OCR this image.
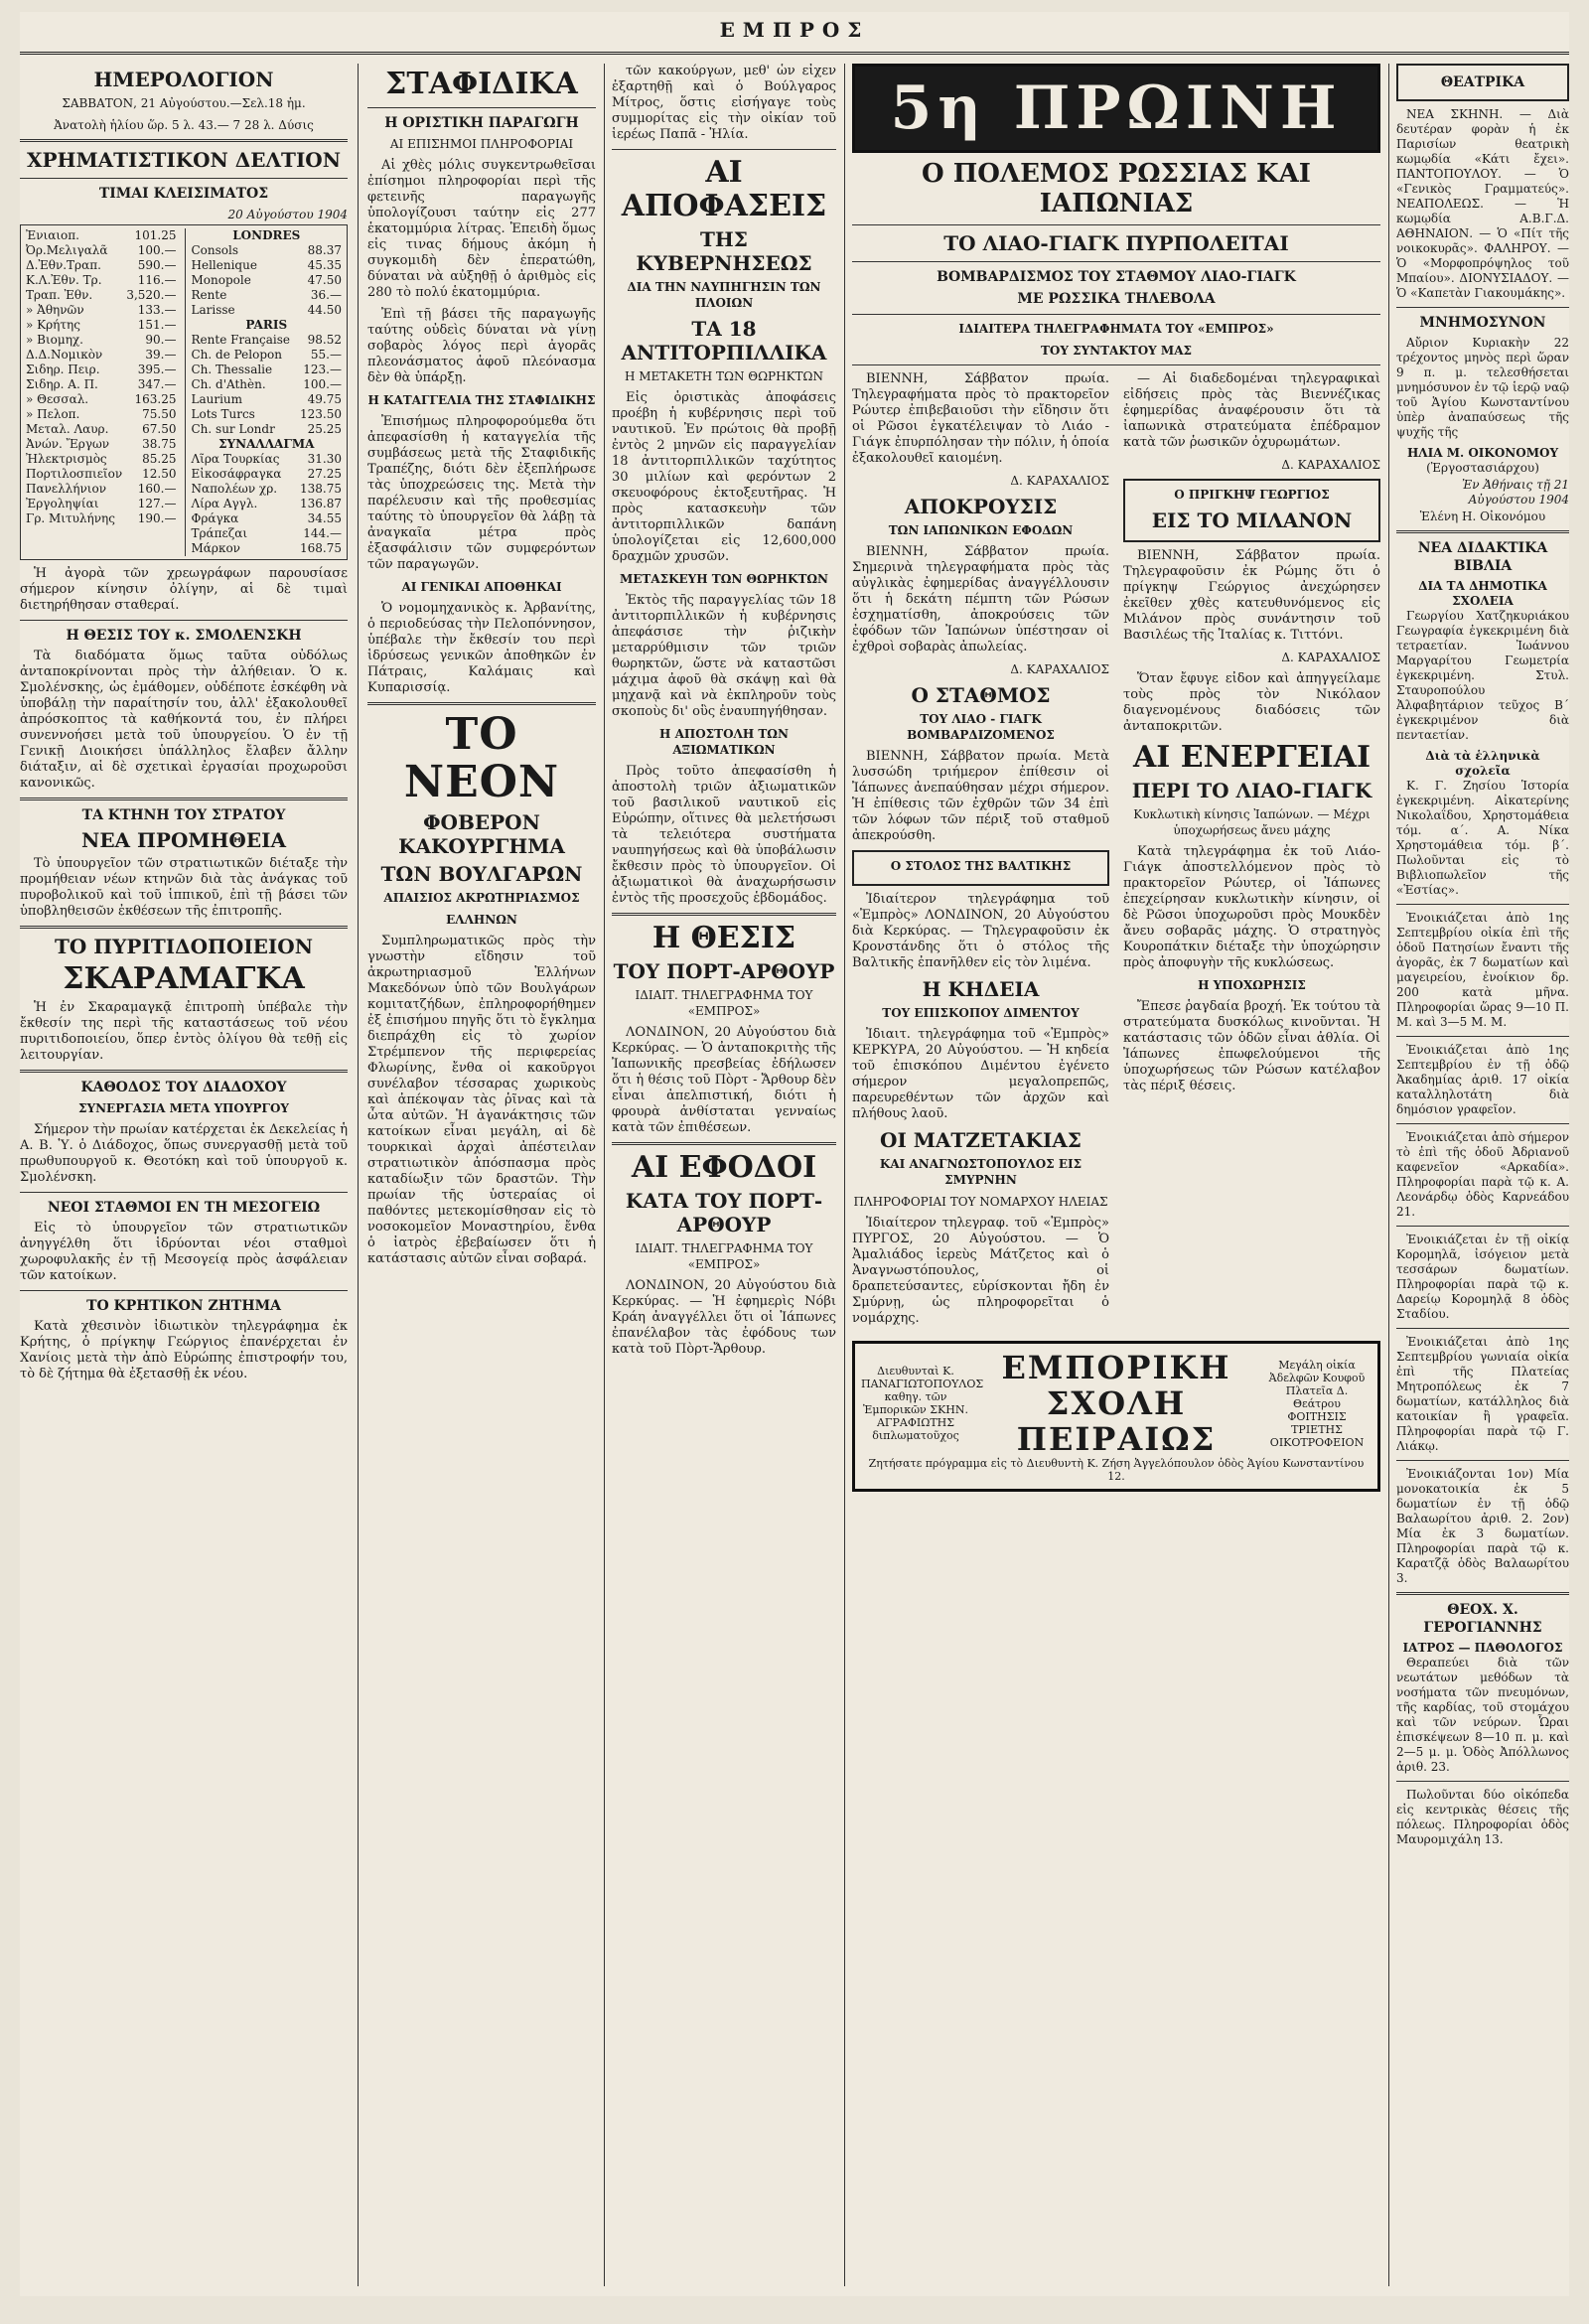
ΕΜΠΡΟΣ
ΗΜΕΡΟΛΟΓΙΟΝ
ΣΑΒΒΑΤΟΝ, 21 Αὐγούστου.—Σελ.18 ἡμ.
Ἀνατολὴ ἡλίου ὥρ. 5 λ. 43.— 7 28 λ. Δύσις
ΧΡΗΜΑΤΙΣΤΙΚΟΝ ΔΕΛΤΙΟΝ
ΤΙΜΑΙ ΚΛΕΙΣΙΜΑΤΟΣ
20 Αὐγούστου 1904
Ἐνιαιοπ.	101.25
Ὀρ.Μελιγαλᾶ	100.—
Δ.Ἐθν.Τραπ.	590.—
Κ.Λ.Ἐθν. Τρ.	116.—
Τραπ. Ἐθν.	3,520.—
» Ἀθηνῶν	133.—
» Κρήτης	151.—
» Βιομηχ.	90.—
Δ.Δ.Νομικὸν	39.—
Σιδηρ. Πειρ.	395.—
Σιδηρ. Α. Π.	347.—
» Θεσσαλ.	163.25
» Πελοπ.	75.50
Μεταλ. Λαυρ.	67.50
Ἀνών. Ἔργων	38.75
Ἠλεκτρισμὸς	85.25
Πορτιλοσπιεῖον	12.50
Πανελλήνιον	160.—
Ἐργοληψίαι	127.—
Γρ. Μιτυλήνης	190.—
LONDRES	
Consols	88.37
Hellenique	45.35
Monopole	47.50
Rente	36.—
Larisse	44.50
PARIS	
Rente Française	98.52
Ch. de Pelopon	55.—
Ch. Thessalie	123.—
Ch. d'Athèn.	100.—
Laurium	49.75
Lots Turcs	123.50
Ch. sur Londr	25.25
ΣΥΝΑΛΛΑΓΜΑ	
Λῖρα Τουρκίας	31.30
Εἰκοσάφραγκα	27.25
Ναπολέων χρ.	138.75
Λίρα Αγγλ.	136.87
Φράγκα	34.55
Τράπεζαι	144.—
Μάρκον	168.75

Ἡ ἀγορὰ τῶν χρεωγράφων παρουσίασε σήμερον κίνησιν ὀλίγην, αἱ δὲ τιμαὶ διετηρήθησαν σταθεραί.

Η ΘΕΣΙΣ ΤΟΥ κ. ΣΜΟΛΕΝΣΚΗ

Τὰ διαδόματα ὅμως ταῦτα οὐδόλως ἀνταποκρίνονται πρὸς τὴν ἀλήθειαν. Ὁ κ. Σμολένσκης, ὡς ἐμάθομεν, οὐδέποτε ἐσκέφθη νὰ ὑποβάλῃ τὴν παραίτησίν του, ἀλλ' ἐξακολουθεῖ ἀπρόσκοπτος τὰ καθήκοντά του, ἐν πλήρει συνεννοήσει μετὰ τοῦ ὑπουργείου. Ὁ ἐν τῇ Γενικῇ Διοικήσει ὑπάλληλος ἔλαβεν ἄλλην διάταξιν, αἱ δὲ σχετικαὶ ἐργασίαι προχωροῦσι κανονικῶς.

ΤΑ ΚΤΗΝΗ ΤΟΥ ΣΤΡΑΤΟΥ
ΝΕΑ ΠΡΟΜΗΘΕΙΑ

Τὸ ὑπουργεῖον τῶν στρατιωτικῶν διέταξε τὴν προμήθειαν νέων κτηνῶν διὰ τὰς ἀνάγκας τοῦ πυροβολικοῦ καὶ τοῦ ἱππικοῦ, ἐπὶ τῇ βάσει τῶν ὑποβληθεισῶν ἐκθέσεων τῆς ἐπιτροπῆς.

ΤΟ ΠΥΡΙΤΙΔΟΠΟΙΕΙΟΝ
ΣΚΑΡΑΜΑΓΚΑ

Ἡ ἐν Σκαραμαγκᾷ ἐπιτροπὴ ὑπέβαλε τὴν ἔκθεσίν της περὶ τῆς καταστάσεως τοῦ νέου πυριτιδοποιείου, ὅπερ ἐντὸς ὀλίγου θὰ τεθῇ εἰς λειτουργίαν.

ΚΑΘΟΔΟΣ ΤΟΥ ΔΙΑΔΟΧΟΥ
ΣΥΝΕΡΓΑΣΙΑ ΜΕΤΑ ΥΠΟΥΡΓΟΥ

Σήμερον τὴν πρωίαν κατέρχεται ἐκ Δεκελείας ἡ Α. Β. Ὑ. ὁ Διάδοχος, ὅπως συνεργασθῇ μετὰ τοῦ πρωθυπουργοῦ κ. Θεοτόκη καὶ τοῦ ὑπουργοῦ κ. Σμολένσκη.

ΝΕΟΙ ΣΤΑΘΜΟΙ ΕΝ ΤΗ ΜΕΣΟΓΕΙΩ

Εἰς τὸ ὑπουργεῖον τῶν στρατιωτικῶν ἀνηγγέλθη ὅτι ἱδρύονται νέοι σταθμοὶ χωροφυλακῆς ἐν τῇ Μεσογείᾳ πρὸς ἀσφάλειαν τῶν κατοίκων.

ΤΟ ΚΡΗΤΙΚΟΝ ΖΗΤΗΜΑ

Κατὰ χθεσινὸν ἰδιωτικὸν τηλεγράφημα ἐκ Κρήτης, ὁ πρίγκηψ Γεώργιος ἐπανέρχεται ἐν Χανίοις μετὰ τὴν ἀπὸ Εὐρώπης ἐπιστροφήν του, τὸ δὲ ζήτημα θὰ ἐξετασθῇ ἐκ νέου.

ΣΤΑΦΙΔΙΚΑ
Η ΟΡΙΣΤΙΚΗ ΠΑΡΑΓΩΓΗ
ΑΙ ΕΠΙΣΗΜΟΙ ΠΛΗΡΟΦΟΡΙΑΙ

Αἱ χθὲς μόλις συγκεντρωθεῖσαι ἐπίσημοι πληροφορίαι περὶ τῆς φετεινῆς παραγωγῆς ὑπολογίζουσι ταύτην εἰς 277 ἑκατομμύρια λίτρας. Ἐπειδὴ ὅμως εἰς τινας δήμους ἀκόμη ἡ συγκομιδὴ δὲν ἐπερατώθη, δύναται νὰ αὐξηθῇ ὁ ἀριθμὸς εἰς 280 τὸ πολύ ἑκατομμύρια.

Ἐπὶ τῇ βάσει τῆς παραγωγῆς ταύτης οὐδεὶς δύναται νὰ γίνῃ σοβαρὸς λόγος περὶ ἀγορᾶς πλεονάσματος ἀφοῦ πλεόνασμα δὲν θὰ ὑπάρξῃ.

Η ΚΑΤΑΓΓΕΛΙΑ ΤΗΣ ΣΤΑΦΙΔΙΚΗΣ

Ἐπισήμως πληροφορούμεθα ὅτι ἀπεφασίσθη ἡ καταγγελία τῆς συμβάσεως μετὰ τῆς Σταφιδικῆς Τραπέζης, διότι δὲν ἐξεπλήρωσε τὰς ὑποχρεώσεις της. Μετὰ τὴν παρέλευσιν καὶ τῆς προθεσμίας ταύτης τὸ ὑπουργεῖον θὰ λάβῃ τὰ ἀναγκαῖα μέτρα πρὸς ἐξασφάλισιν τῶν συμφερόντων τῶν παραγωγῶν.

ΑΙ ΓΕΝΙΚΑΙ ΑΠΟΘΗΚΑΙ

Ὁ νομομηχανικὸς κ. Ἀρβανίτης, ὁ περιοδεύσας τὴν Πελοπόννησον, ὑπέβαλε τὴν ἔκθεσίν του περὶ ἱδρύσεως γενικῶν ἀποθηκῶν ἐν Πάτραις, Καλάμαις καὶ Κυπαρισσίᾳ.

ΤΟ ΝΕΟΝ
ΦΟΒΕΡΟΝ ΚΑΚΟΥΡΓΗΜΑ
ΤΩΝ ΒΟΥΛΓΑΡΩΝ
ΑΠΑΙΣΙΟΣ ΑΚΡΩΤΗΡΙΑΣΜΟΣ
ΕΛΛΗΝΩΝ

Συμπληρωματικῶς πρὸς τὴν γνωστὴν εἴδησιν τοῦ ἀκρωτηριασμοῦ Ἑλλήνων Μακεδόνων ὑπὸ τῶν Βουλγάρων κομιτατζήδων, ἐπληροφορήθημεν ἐξ ἐπισήμου πηγῆς ὅτι τὸ ἔγκλημα διεπράχθη εἰς τὸ χωρίον Στρέμπενον τῆς περιφερείας Φλωρίνης, ἔνθα οἱ κακοῦργοι συνέλαβον τέσσαρας χωρικοὺς καὶ ἀπέκοψαν τὰς ῥῖνας καὶ τὰ ὦτα αὐτῶν. Ἡ ἀγανάκτησις τῶν κατοίκων εἶναι μεγάλη, αἱ δὲ τουρκικαὶ ἀρχαὶ ἀπέστειλαν στρατιωτικὸν ἀπόσπασμα πρὸς καταδίωξιν τῶν δραστῶν. Τὴν πρωίαν τῆς ὑστεραίας οἱ παθόντες μετεκομίσθησαν εἰς τὸ νοσοκομεῖον Μοναστηρίου, ἔνθα ὁ ἰατρὸς ἐβεβαίωσεν ὅτι ἡ κατάστασις αὐτῶν εἶναι σοβαρά.

τῶν κακούργων, μεθ' ὧν εἶχεν ἐξαρτηθῇ καὶ ὁ Βούλγαρος Μίτρος, ὅστις εἰσήγαγε τοὺς συμμορίτας εἰς τὴν οἰκίαν τοῦ ἱερέως Παπᾶ - Ἠλία.

ΑΙ ΑΠΟΦΑΣΕΙΣ
ΤΗΣ ΚΥΒΕΡΝΗΣΕΩΣ
ΔΙΑ ΤΗΝ ΝΑΥΠΗΓΗΣΙΝ ΤΩΝ ΠΛΟΙΩΝ
ΤΑ 18 ΑΝΤΙΤΟΡΠΙΛΛΙΚΑ
Η ΜΕΤΑΚΕΤΗ ΤΩΝ ΘΩΡΗΚΤΩΝ

Εἰς ὁριστικὰς ἀποφάσεις προέβη ἡ κυβέρνησις περὶ τοῦ ναυτικοῦ. Ἐν πρώτοις θὰ προβῇ ἐντὸς 2 μηνῶν εἰς παραγγελίαν 18 ἀντιτορπιλλικῶν ταχύτητος 30 μιλίων καὶ φερόντων 2 σκευοφόρους ἐκτοξευτῆρας. Ἡ πρὸς κατασκευὴν τῶν ἀντιτορπιλλικῶν δαπάνη ὑπολογίζεται εἰς 12,600,000 δραχμῶν χρυσῶν.

ΜΕΤΑΣΚΕΥΗ ΤΩΝ ΘΩΡΗΚΤΩΝ

Ἐκτὸς τῆς παραγγελίας τῶν 18 ἀντιτορπιλλικῶν ἡ κυβέρνησις ἀπεφάσισε τὴν ῥιζικὴν μεταρρύθμισιν τῶν τριῶν θωρηκτῶν, ὥστε νὰ καταστῶσι μάχιμα ἀφοῦ θὰ σκάψῃ καὶ θὰ μηχανᾷ καὶ νὰ ἐκπληροῦν τοὺς σκοποὺς δι' οὓς ἐναυπηγήθησαν.

Η ΑΠΟΣΤΟΛΗ ΤΩΝ ΑΞΙΩΜΑΤΙΚΩΝ

Πρὸς τοῦτο ἀπεφασίσθη ἡ ἀποστολὴ τριῶν ἀξιωματικῶν τοῦ βασιλικοῦ ναυτικοῦ εἰς Εὐρώπην, οἵτινες θὰ μελετήσωσι τὰ τελειότερα συστήματα ναυπηγήσεως καὶ θὰ ὑποβάλωσιν ἔκθεσιν πρὸς τὸ ὑπουργεῖον. Οἱ ἀξιωματικοὶ θὰ ἀναχωρήσωσιν ἐντὸς τῆς προσεχοῦς ἑβδομάδος.

Η ΘΕΣΙΣ
ΤΟΥ ΠΟΡΤ-ΑΡΘΟΥΡ
ΙΔΙΑΙΤ. ΤΗΛΕΓΡΑΦΗΜΑ ΤΟΥ «ΕΜΠΡΟΣ»

ΛΟΝΔΙΝΟΝ, 20 Αὐγούστου διὰ Κερκύρας. — Ὁ ἀνταποκριτὴς τῆς Ἰαπωνικῆς πρεσβείας ἐδήλωσεν ὅτι ἡ θέσις τοῦ Πὸρτ - Ἄρθουρ δὲν εἶναι ἀπελπιστική, διότι ἡ φρουρὰ ἀνθίσταται γενναίως κατὰ τῶν ἐπιθέσεων.

ΑΙ ΕΦΟΔΟΙ
ΚΑΤΑ ΤΟΥ ΠΟΡΤ-ΑΡΘΟΥΡ
ΙΔΙΑΙΤ. ΤΗΛΕΓΡΑΦΗΜΑ ΤΟΥ «ΕΜΠΡΟΣ»

ΛΟΝΔΙΝΟΝ, 20 Αὐγούστου διὰ Κερκύρας. — Ἡ ἐφημερὶς Νόβι Κράη ἀναγγέλλει ὅτι οἱ Ἰάπωνες ἐπανέλαβον τὰς ἐφόδους των κατὰ τοῦ Πὸρτ-Ἄρθουρ.

5η ΠΡΩΙΝΗ
Ο ΠΟΛΕΜΟΣ ΡΩΣΣΙΑΣ ΚΑΙ ΙΑΠΩΝΙΑΣ
ΤΟ ΛΙΑΟ-ΓΙΑΓΚ ΠΥΡΠΟΛΕΙΤΑΙ
ΒΟΜΒΑΡΔΙΣΜΟΣ ΤΟΥ ΣΤΑΘΜΟΥ ΛΙΑΟ-ΓΙΑΓΚ
ΜΕ ΡΩΣΣΙΚΑ ΤΗΛΕΒΟΛΑ
ΙΔΙΑΙΤΕΡΑ ΤΗΛΕΓΡΑΦΗΜΑΤΑ ΤΟΥ «ΕΜΠΡΟΣ»
ΤΟΥ ΣΥΝΤΑΚΤΟΥ ΜΑΣ

ΒΙΕΝΝΗ, Σάββατον πρωία. Τηλεγραφήματα πρὸς τὸ πρακτορεῖον Ρώυτερ ἐπιβεβαιοῦσι τὴν εἴδησιν ὅτι οἱ Ρῶσοι ἐγκατέλειψαν τὸ Λιάο - Γιάγκ ἐπυρπόλησαν τὴν πόλιν, ἡ ὁποία ἐξακολουθεῖ καιομένη.

Δ. ΚΑΡΑΧΑΛΙΟΣ
ΑΠΟΚΡΟΥΣΙΣ
ΤΩΝ ΙΑΠΩΝΙΚΩΝ ΕΦΟΔΩΝ

ΒΙΕΝΝΗ, Σάββατον πρωία. Σημερινὰ τηλεγραφήματα πρὸς τὰς αὐγλικὰς ἐφημερίδας ἀναγγέλλουσιν ὅτι ἡ δεκάτη πέμπτη τῶν Ρώσων ἐσχηματίσθη, ἀποκρούσεις τῶν ἐφόδων τῶν Ἰαπώνων ὑπέστησαν οἱ ἐχθροὶ σοβαρὰς ἀπωλείας.

Δ. ΚΑΡΑΧΑΛΙΟΣ
Ο ΣΤΑΘΜΟΣ
ΤΟΥ ΛΙΑΟ - ΓΙΑΓΚ ΒΟΜΒΑΡΔΙΖΟΜΕΝΟΣ

ΒΙΕΝΝΗ, Σάββατον πρωία. Μετὰ λυσσώδη τριήμερον ἐπίθεσιν οἱ Ἰάπωνες ἀνεπαύθησαν μέχρι σήμερον. Ἡ ἐπίθεσις τῶν ἐχθρῶν τῶν 34 ἐπὶ τῶν λόφων τῶν πέριξ τοῦ σταθμοῦ ἀπεκρούσθη.

Ο ΣΤΟΛΟΣ ΤΗΣ ΒΑΛΤΙΚΗΣ

Ἰδιαίτερον τηλεγράφημα τοῦ «Ἐμπρὸς» ΛΟΝΔΙΝΟΝ, 20 Αὐγούστου διὰ Κερκύρας. — Τηλεγραφοῦσιν ἐκ Κρονστάνδης ὅτι ὁ στόλος τῆς Βαλτικῆς ἐπανῆλθεν εἰς τὸν λιμένα.

Η ΚΗΔΕΙΑ
ΤΟΥ ΕΠΙΣΚΟΠΟΥ ΔΙΜΕΝΤΟΥ

Ἰδιαιτ. τηλεγράφημα τοῦ «Ἐμπρὸς» ΚΕΡΚΥΡΑ, 20 Αὐγούστου. — Ἡ κηδεία τοῦ ἐπισκόπου Διμέντου ἐγένετο σήμερον μεγαλοπρεπῶς, παρευρεθέντων τῶν ἀρχῶν καὶ πλήθους λαοῦ.

ΟΙ ΜΑΤΖΕΤΑΚΙΑΣ
ΚΑΙ ΑΝΑΓΝΩΣΤΟΠΟΥΛΟΣ ΕΙΣ ΣΜΥΡΝΗΝ
ΠΛΗΡΟΦΟΡΙΑΙ ΤΟΥ ΝΟΜΑΡΧΟΥ ΗΛΕΙΑΣ

Ἰδιαίτερον τηλεγραφ. τοῦ «Ἐμπρὸς» ΠΥΡΓΟΣ, 20 Αὐγούστου. — Ὁ Ἀμαλιάδος ἱερεὺς Μάτζετος καὶ ὁ Ἀναγνωστόπουλος, οἱ δραπετεύσαντες, εὑρίσκονται ἤδη ἐν Σμύρνῃ, ὡς πληροφορεῖται ὁ νομάρχης.

— Αἱ διαδεδομέναι τηλεγραφικαὶ εἰδήσεις πρὸς τὰς Βιεννέζικας ἐφημερίδας ἀναφέρουσιν ὅτι τὰ ἰαπωνικὰ στρατεύματα ἐπέδραμον κατὰ τῶν ῥωσικῶν ὀχυρωμάτων.

Δ. ΚΑΡΑΧΑΛΙΟΣ
Ο ΠΡΙΓΚΗΨ ΓΕΩΡΓΙΟΣ
ΕΙΣ ΤΟ ΜΙΛΑΝΟΝ

ΒΙΕΝΝΗ, Σάββατον πρωία. Τηλεγραφοῦσιν ἐκ Ρώμης ὅτι ὁ πρίγκηψ Γεώργιος ἀνεχώρησεν ἐκεῖθεν χθὲς κατευθυνόμενος εἰς Μιλάνον πρὸς συνάντησιν τοῦ Βασιλέως τῆς Ἰταλίας κ. Τιττόνι.

Δ. ΚΑΡΑΧΑΛΙΟΣ

Ὅταν ἔφυγε εἰδον καὶ ἀπηγγείλαμε τοὺς πρὸς τὸν Νικόλαον διαγενομένους διαδόσεις τῶν ἀνταποκριτῶν.

ΑΙ ΕΝΕΡΓΕΙΑΙ
ΠΕΡΙ ΤΟ ΛΙΑΟ-ΓΙΑΓΚ
Κυκλωτικὴ κίνησις Ἰαπώνων. — Μέχρι ὑποχωρήσεως ἄνευ μάχης

Κατὰ τηλεγράφημα ἐκ τοῦ Λιάο-Γιάγκ ἀποστελλόμενον πρὸς τὸ πρακτορεῖον Ρώυτερ, οἱ Ἰάπωνες ἐπεχείρησαν κυκλωτικὴν κίνησιν, οἱ δὲ Ρῶσοι ὑποχωροῦσι πρὸς Μουκδὲν ἄνευ σοβαρᾶς μάχης. Ὁ στρατηγὸς Κουροπάτκιν διέταξε τὴν ὑποχώρησιν πρὸς ἀποφυγὴν τῆς κυκλώσεως.

Η ΥΠΟΧΩΡΗΣΙΣ

Ἔπεσε ῥαγδαία βροχή. Ἐκ τούτου τὰ στρατεύματα δυσκόλως κινοῦνται. Ἡ κατάστασις τῶν ὁδῶν εἶναι ἀθλία. Οἱ Ἰάπωνες ἐπωφελούμενοι τῆς ὑποχωρήσεως τῶν Ρώσων κατέλαβον τὰς πέριξ θέσεις.

Διευθυνταὶ Κ. ΠΑΝΑΓΙΩΤΟΠΟΥΛΟΣ καθηγ. τῶν Ἐμπορικῶν ΣΚΗΝ. ΑΓΡΑΦΙΩΤΗΣ διπλωματοῦχος
ΕΜΠΟΡΙΚΗ ΣΧΟΛΗ
ΠΕΙΡΑΙΩΣ
Μεγάλη οἰκία Ἀδελφῶν Κουφοῦ Πλατεῖα Δ. Θεάτρου ΦΟΙΤΗΣΙΣ ΤΡΙΕΤΗΣ ΟΙΚΟΤΡΟΦΕΙΟΝ
Ζητήσατε πρόγραμμα εἰς τὸ Διευθυντὴ Κ. Ζήση Ἀγγελόπουλον ὁδὸς Ἁγίου Κωνσταντίνου 12.
ΘΕΑΤΡΙΚΑ

ΝΕΑ ΣΚΗΝΗ. — Διὰ δευτέραν φορὰν ἡ ἐκ Παρισίων θεατρικὴ κωμῳδία «Κάτι ἔχει». ΠΑΝΤΟΠΟΥΛΟΥ. — Ὁ «Γενικὸς Γραμματεύς». ΝΕΑΠΟΛΕΩΣ. — Ἡ κωμῳδία Α.Β.Γ.Δ. ΑΘΗΝΑΙΟΝ. — Ὁ «Πίτ τῆς νοικοκυρᾶς». ΦΑΛΗΡΟΥ. — Ὁ «Μορφοπρόψηλος τοῦ Μπαίου». ΔΙΟΝΥΣΙΑΔΟΥ. — Ὁ «Καπετὰν Γιακουμάκης».

ΜΝΗΜΟΣΥΝΟΝ

Αὔριον Κυριακὴν 22 τρέχοντος μηνὸς περὶ ὥραν 9 π. μ. τελεσθήσεται μνημόσυνον ἐν τῷ ἱερῷ ναῷ τοῦ Ἁγίου Κωνσταντίνου ὑπὲρ ἀναπαύσεως τῆς ψυχῆς τῆς

ΗΛΙΑ Μ. ΟΙΚΟΝΟΜΟΥ
(Ἐργοστασιάρχου)
Ἐν Ἀθήναις τῇ 21 Αὐγούστου 1904
Ἑλένη Η. Οἰκονόμου
ΝΕΑ ΔΙΔΑΚΤΙΚΑ ΒΙΒΛΙΑ
ΔΙΑ ΤΑ ΔΗΜΟΤΙΚΑ ΣΧΟΛΕΙΑ

Γεωργίου Χατζηκυριάκου Γεωγραφία ἐγκεκριμένη διὰ τετραετίαν. Ἰωάννου Μαργαρίτου Γεωμετρία ἐγκεκριμένη. Στυλ. Σταυροπούλου Ἀλφαβητάριον τεῦχος Β΄ ἐγκεκριμένον διὰ πενταετίαν.

Διὰ τὰ ἑλληνικὰ σχολεῖα

Κ. Γ. Ζησίου Ἱστορία ἐγκεκριμένη. Αἰκατερίνης Νικολαΐδου, Χρηστομάθεια τόμ. α΄. Α. Νίκα Χρηστομάθεια τόμ. β΄. Πωλοῦνται εἰς τὸ Βιβλιοπωλεῖον τῆς «Ἑστίας».

Ἐνοικιάζεται ἀπὸ 1ης Σεπτεμβρίου οἰκία ἐπὶ τῆς ὁδοῦ Πατησίων ἔναντι τῆς ἀγορᾶς, ἐκ 7 δωματίων καὶ μαγειρείου, ἐνοίκιον δρ. 200 κατὰ μῆνα. Πληροφορίαι ὥρας 9—10 Π. Μ. καὶ 3—5 Μ. Μ.

Ἐνοικιάζεται ἀπὸ 1ης Σεπτεμβρίου ἐν τῇ ὁδῷ Ἀκαδημίας ἀριθ. 17 οἰκία καταλληλοτάτη διὰ δημόσιον γραφεῖον.

Ἐνοικιάζεται ἀπὸ σήμερον τὸ ἐπὶ τῆς ὁδοῦ Ἀδριανοῦ καφενεῖον «Αρκαδία». Πληροφορίαι παρὰ τῷ κ. Α. Λεονάρδῳ ὁδὸς Καρνεάδου 21.

Ἐνοικιάζεται ἐν τῇ οἰκίᾳ Κορομηλᾶ, ἰσόγειον μετὰ τεσσάρων δωματίων. Πληροφορίαι παρὰ τῷ κ. Δαρείῳ Κορομηλᾷ 8 ὁδὸς Σταδίου.

Ἐνοικιάζεται ἀπὸ 1ης Σεπτεμβρίου γωνιαία οἰκία ἐπὶ τῆς Πλατείας Μητροπόλεως ἐκ 7 δωματίων, κατάλληλος διὰ κατοικίαν ἢ γραφεῖα. Πληροφορίαι παρὰ τῷ Γ. Λιάκῳ.

Ἐνοικιάζονται 1ον) Μία μονοκατοικία ἐκ 5 δωματίων ἐν τῇ ὁδῷ Βαλαωρίτου ἀριθ. 2. 2ον) Μία ἐκ 3 δωματίων. Πληροφορίαι παρὰ τῷ κ. Καρατζᾷ ὁδὸς Βαλαωρίτου 3.

ΘΕΟΧ. Χ. ΓΕΡΟΓΙΑΝΝΗΣ
ΙΑΤΡΟΣ — ΠΑΘΟΛΟΓΟΣ

Θεραπεύει διὰ τῶν νεωτάτων μεθόδων τὰ νοσήματα τῶν πνευμόνων, τῆς καρδίας, τοῦ στομάχου καὶ τῶν νεύρων. Ὧραι ἐπισκέψεων 8—10 π. μ. καὶ 2—5 μ. μ. Ὁδὸς Ἀπόλλωνος ἀριθ. 23.

Πωλοῦνται δύο οἰκόπεδα εἰς κεντρικὰς θέσεις τῆς πόλεως. Πληροφορίαι ὁδὸς Μαυρομιχάλη 13.
